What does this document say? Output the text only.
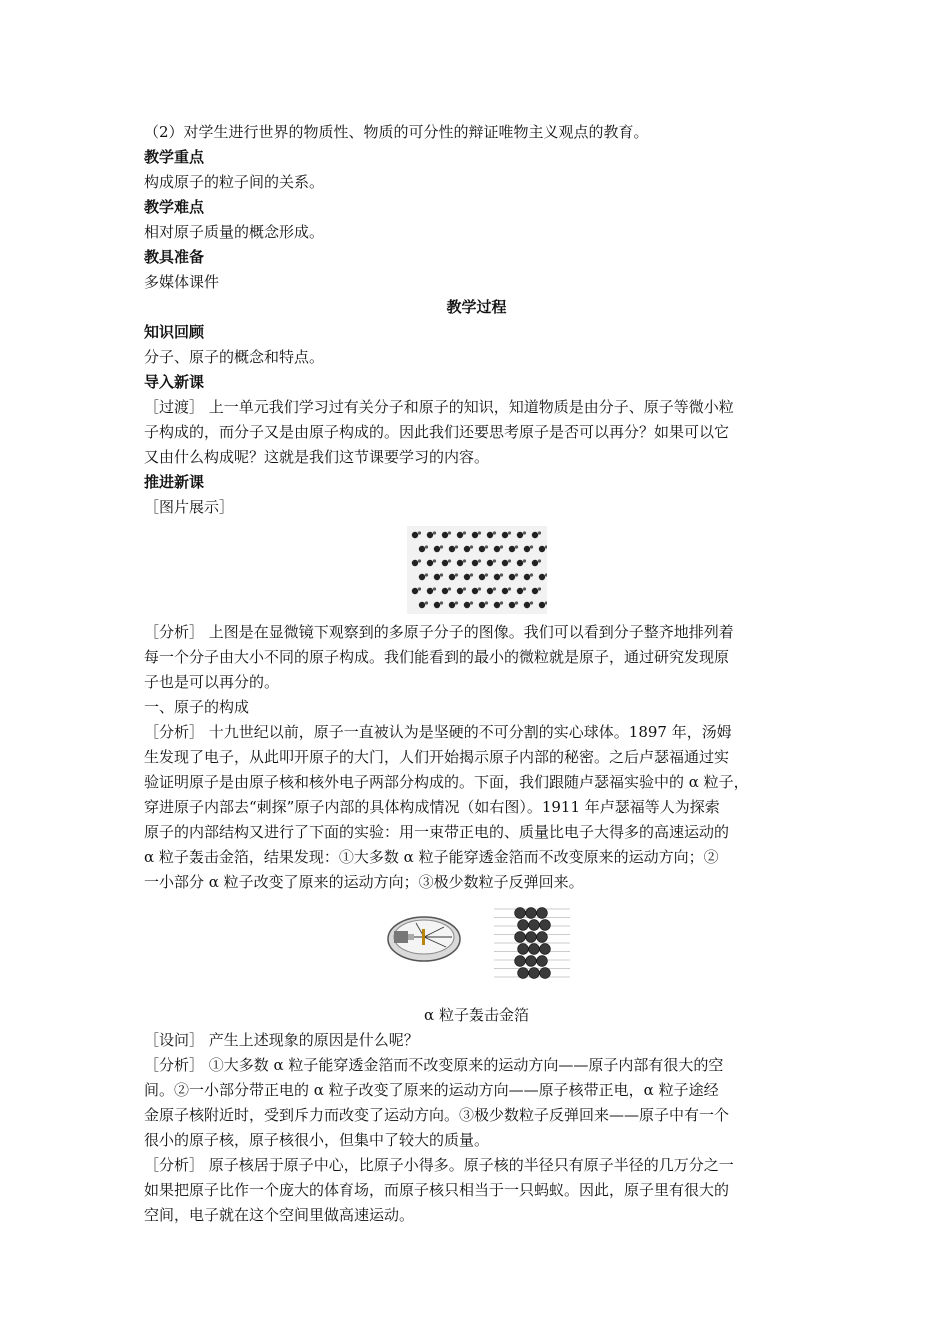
（2）对学生进行世界的物质性、物质的可分性的辩证唯物主义观点的教育。
教学重点
构成原子的粒子间的关系。
教学难点
相对原子质量的概念形成。
教具准备
多媒体课件
教学过程
知识回顾
分子、原子的概念和特点。
导入新课
［过渡］ 上一单元我们学习过有关分子和原子的知识，知道物质是由分子、原子等微小粒
子构成的，而分子又是由原子构成的。因此我们还要思考原子是否可以再分？如果可以它
又由什么构成呢？这就是我们这节课要学习的内容。
推进新课
［图片展示］
［分析］ 上图是在显微镜下观察到的多原子分子的图像。我们可以看到分子整齐地排列着
每一个分子由大小不同的原子构成。我们能看到的最小的微粒就是原子，通过研究发现原
子也是可以再分的。
一、原子的构成
［分析］ 十九世纪以前，原子一直被认为是坚硬的不可分割的实心球体。1897 年，汤姆
生发现了电子，从此叩开原子的大门，人们开始揭示原子内部的秘密。之后卢瑟福通过实
验证明原子是由原子核和核外电子两部分构成的。下面，我们跟随卢瑟福实验中的 α 粒子，
穿进原子内部去“刺探”原子内部的具体构成情况（如右图）。1911 年卢瑟福等人为探索
原子的内部结构又进行了下面的实验：用一束带正电的、质量比电子大得多的高速运动的
α 粒子轰击金箔，结果发现：①大多数 α 粒子能穿透金箔而不改变原来的运动方向；②
一小部分 α 粒子改变了原来的运动方向；③极少数粒子反弹回来。
α 粒子轰击金箔
［设问］ 产生上述现象的原因是什么呢？
［分析］ ①大多数 α 粒子能穿透金箔而不改变原来的运动方向——原子内部有很大的空
间。②一小部分带正电的 α 粒子改变了原来的运动方向——原子核带正电，α 粒子途经
金原子核附近时，受到斥力而改变了运动方向。③极少数粒子反弹回来——原子中有一个
很小的原子核，原子核很小，但集中了较大的质量。
［分析］ 原子核居于原子中心，比原子小得多。原子核的半径只有原子半径的几万分之一
如果把原子比作一个庞大的体育场，而原子核只相当于一只蚂蚁。因此，原子里有很大的
空间，电子就在这个空间里做高速运动。
